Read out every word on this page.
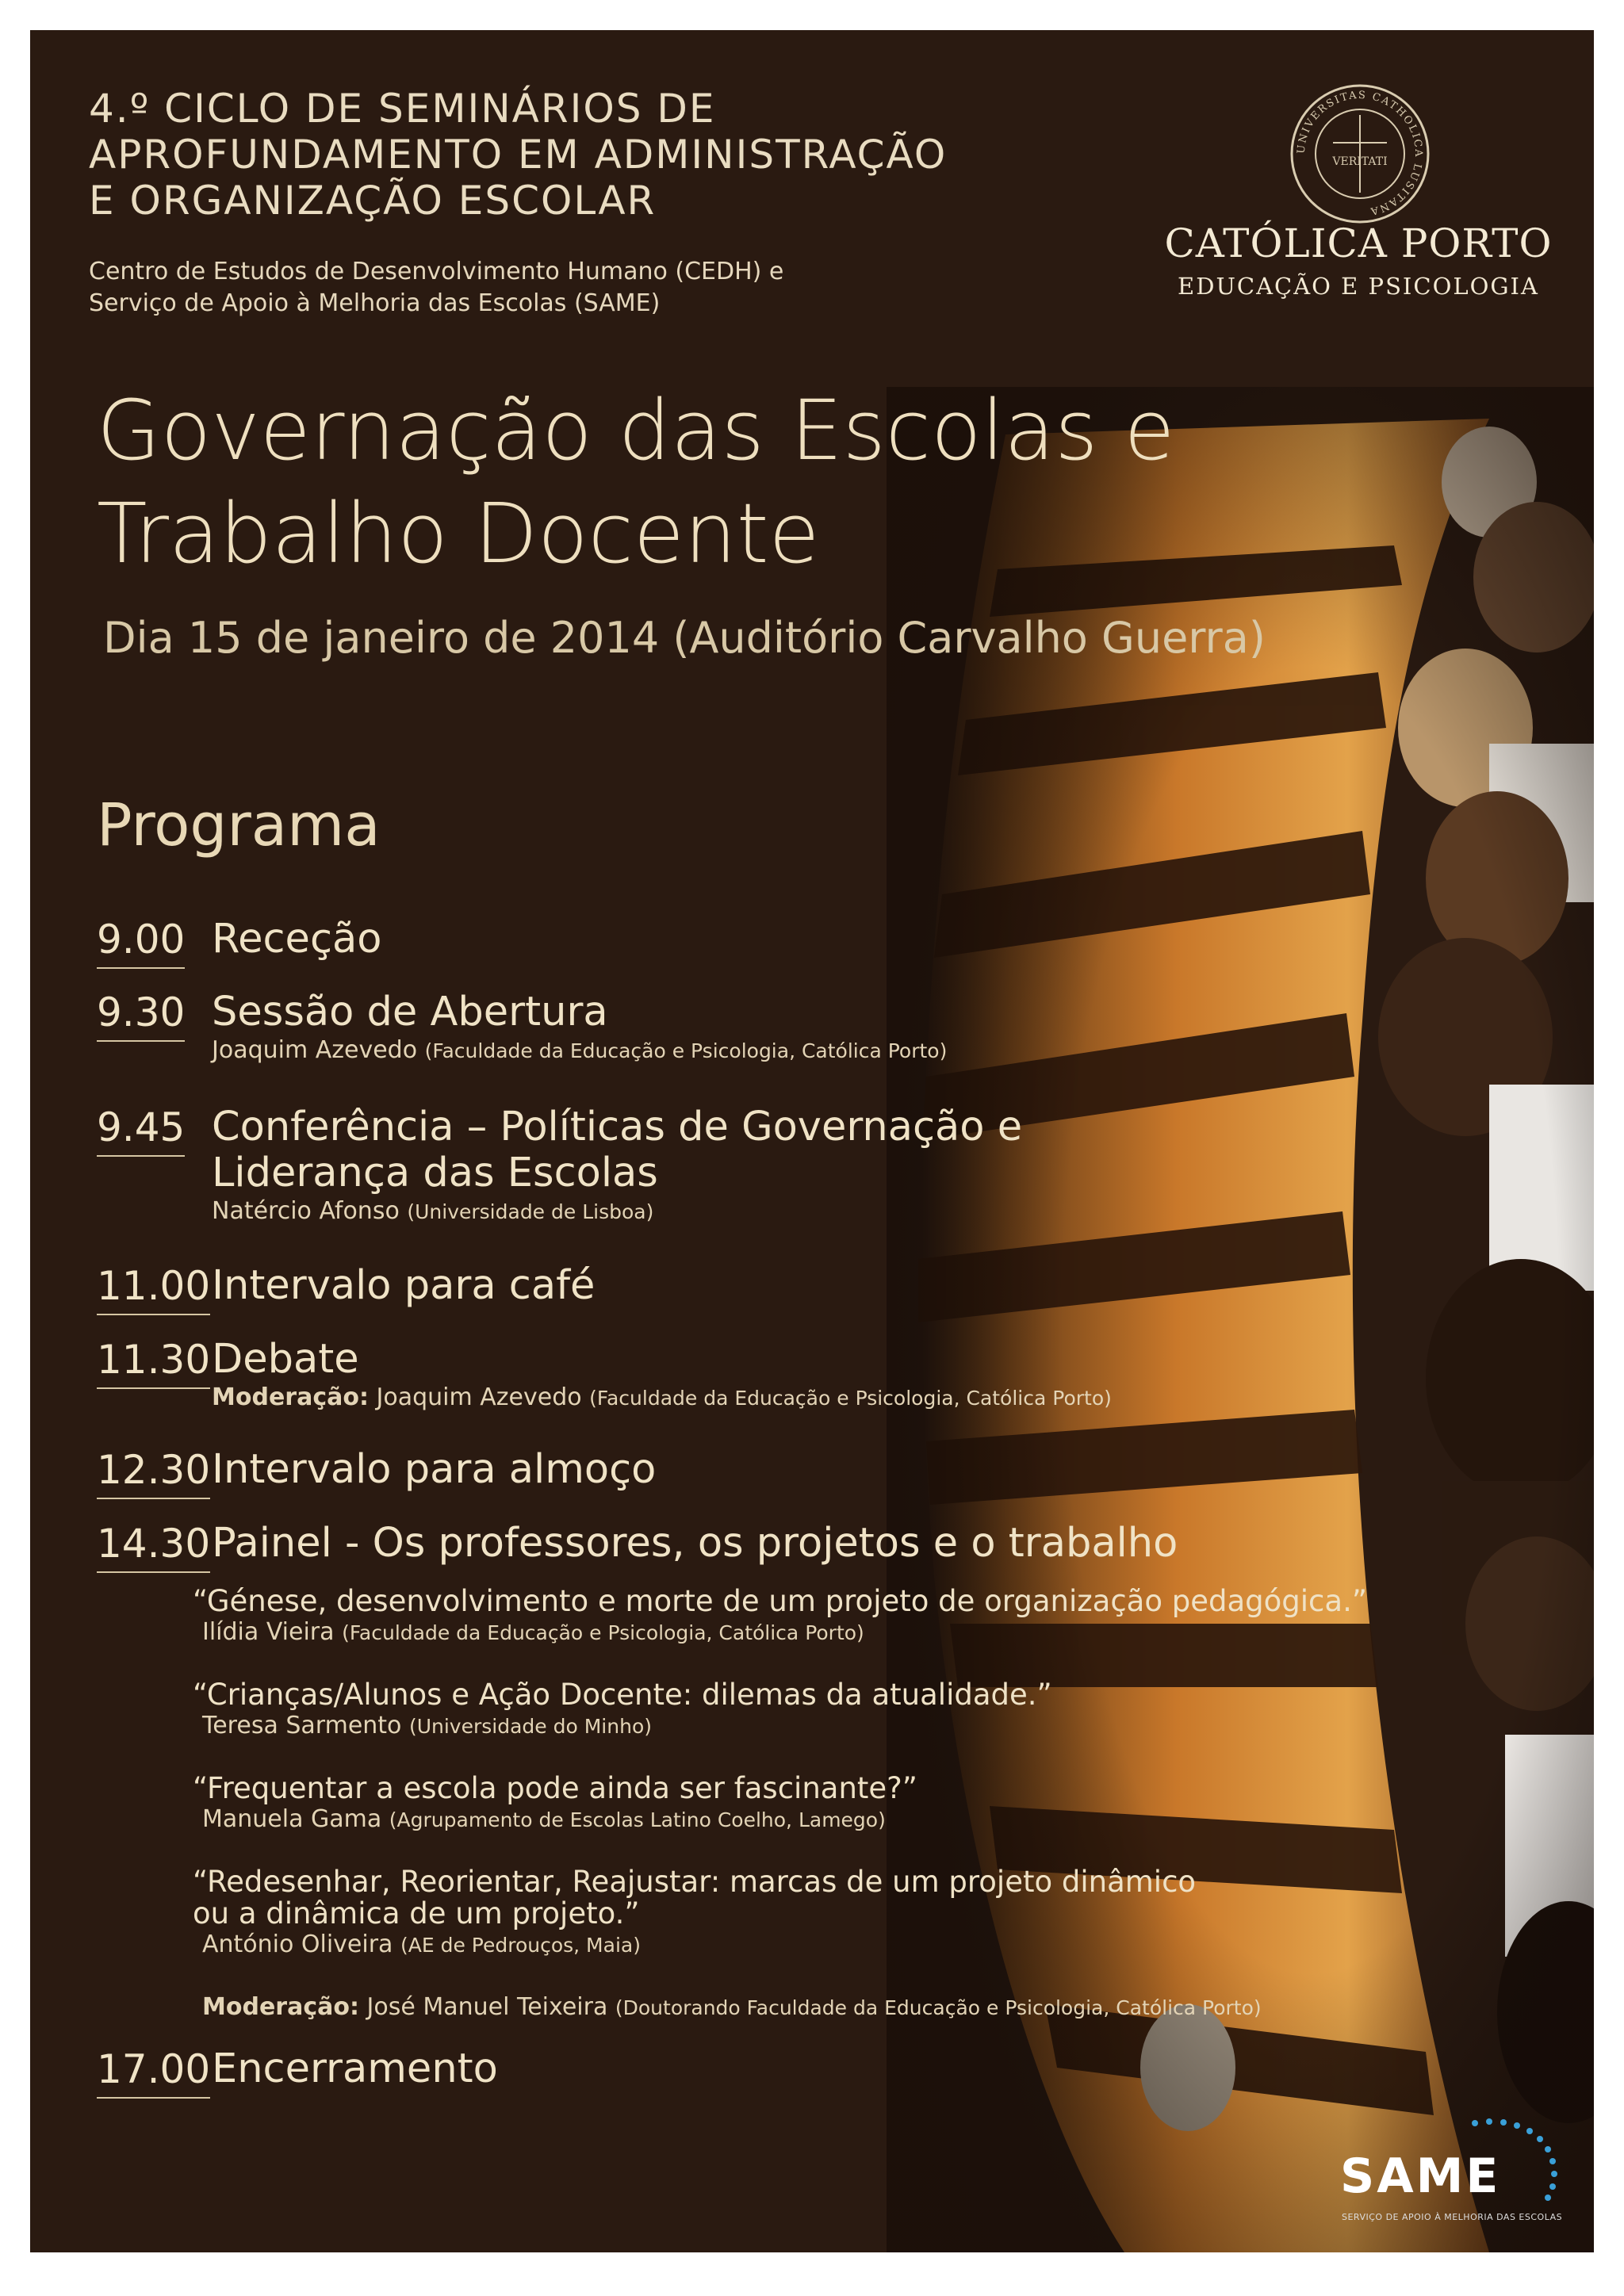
4.º CICLO DE SEMINÁRIOS DE
APROFUNDAMENTO EM ADMINISTRAÇÃO
E ORGANIZAÇÃO ESCOLAR
Centro de Estudos de Desenvolvimento Humano (CEDH) e
Serviço de Apoio à Melhoria das Escolas (SAME)
UNIVERSITAS CATHOLICA LUSITANA
VERITATI
CATÓLICA PORTO
EDUCAÇÃO E PSICOLOGIA
Governação das Escolas e
Trabalho Docente
Dia 15 de janeiro de 2014 (Auditório Carvalho Guerra)
Programa
9.00 Receção
9.30 Sessão de Abertura
Joaquim Azevedo (Faculdade da Educação e Psicologia, Católica Porto)
9.45 Conferência – Políticas de Governação e
Liderança das Escolas
Natércio Afonso (Universidade de Lisboa)
11.00 Intervalo para café
11.30 Debate
Moderação: Joaquim Azevedo (Faculdade da Educação e Psicologia, Católica Porto)
12.30 Intervalo para almoço
14.30 Painel - Os professores, os projetos e o trabalho
“Génese, desenvolvimento e morte de um projeto de organização pedagógica.”
Ilídia Vieira (Faculdade da Educação e Psicologia, Católica Porto)
“Crianças/Alunos e Ação Docente: dilemas da atualidade.”
Teresa Sarmento (Universidade do Minho)
“Frequentar a escola pode ainda ser fascinante?”
Manuela Gama (Agrupamento de Escolas Latino Coelho, Lamego)
“Redesenhar, Reorientar, Reajustar: marcas de um projeto dinâmico
ou a dinâmica de um projeto.”
António Oliveira (AE de Pedrouços, Maia)
Moderação: José Manuel Teixeira (Doutorando Faculdade da Educação e Psicologia, Católica Porto)
17.00 Encerramento
SAME
SERVIÇO DE APOIO À MELHORIA DAS ESCOLAS
